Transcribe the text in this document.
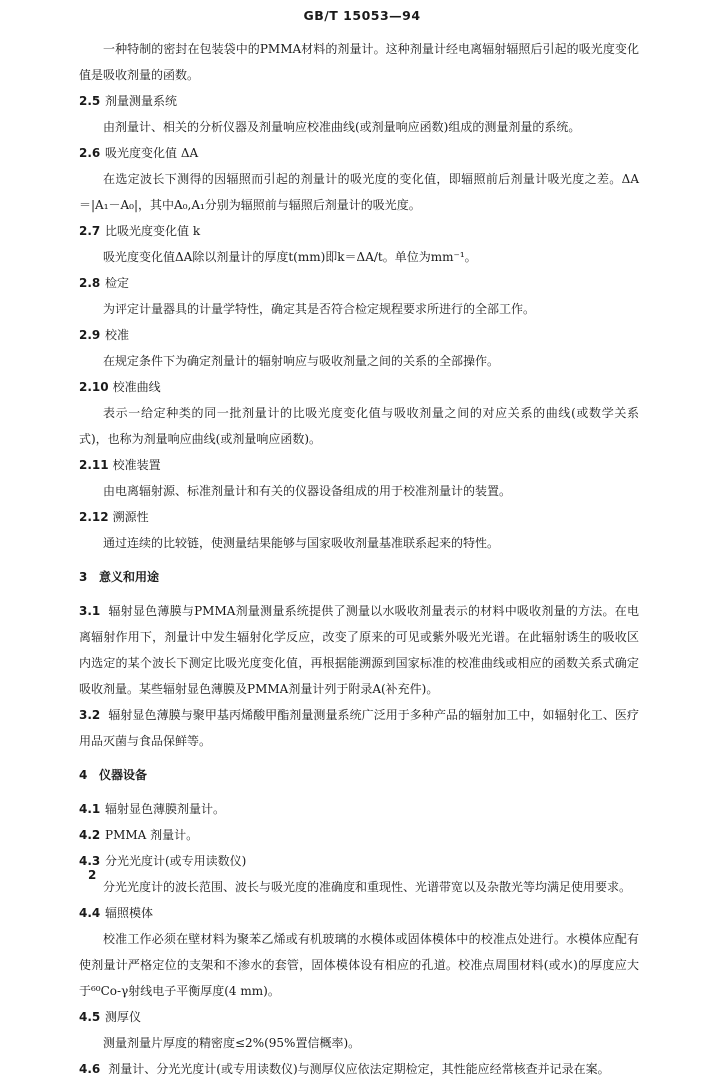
GB/T 15053—94

一种特制的密封在包装袋中的PMMA材料的剂量计。这种剂量计经电离辐射辐照后引起的吸光度变化值是吸收剂量的函数。

2.5 剂量测量系统

由剂量计、相关的分析仪器及剂量响应校准曲线(或剂量响应函数)组成的测量剂量的系统。

2.6 吸光度变化值 ΔA

在选定波长下测得的因辐照而引起的剂量计的吸光度的变化值，即辐照前后剂量计吸光度之差。ΔA＝|A₁－A₀|，其中A₀,A₁分别为辐照前与辐照后剂量计的吸光度。

2.7 比吸光度变化值 k

吸光度变化值ΔA除以剂量计的厚度t(mm)即k＝ΔA/t。单位为mm⁻¹。

2.8 检定

为评定计量器具的计量学特性，确定其是否符合检定规程要求所进行的全部工作。

2.9 校准

在规定条件下为确定剂量计的辐射响应与吸收剂量之间的关系的全部操作。

2.10 校准曲线

表示一给定种类的同一批剂量计的比吸光度变化值与吸收剂量之间的对应关系的曲线(或数学关系式)，也称为剂量响应曲线(或剂量响应函数)。

2.11 校准装置

由电离辐射源、标准剂量计和有关的仪器设备组成的用于校准剂量计的装置。

2.12 溯源性

通过连续的比较链，使测量结果能够与国家吸收剂量基准联系起来的特性。

3 意义和用途

3.1 辐射显色薄膜与PMMA剂量测量系统提供了测量以水吸收剂量表示的材料中吸收剂量的方法。在电离辐射作用下，剂量计中发生辐射化学反应，改变了原来的可见或紫外吸光光谱。在此辐射诱生的吸收区内选定的某个波长下测定比吸光度变化值，再根据能溯源到国家标准的校准曲线或相应的函数关系式确定吸收剂量。某些辐射显色薄膜及PMMA剂量计列于附录A(补充件)。

3.2 辐射显色薄膜与聚甲基丙烯酸甲酯剂量测量系统广泛用于多种产品的辐射加工中，如辐射化工、医疗用品灭菌与食品保鲜等。

4 仪器设备

4.1 辐射显色薄膜剂量计。

4.2 PMMA 剂量计。

4.3 分光光度计(或专用读数仪)

分光光度计的波长范围、波长与吸光度的准确度和重现性、光谱带宽以及杂散光等均满足使用要求。

4.4 辐照模体

校准工作必须在壁材料为聚苯乙烯或有机玻璃的水模体或固体模体中的校准点处进行。水模体应配有使剂量计严格定位的支架和不渗水的套管，固体模体设有相应的孔道。校准点周围材料(或水)的厚度应大于⁶⁰Co-γ射线电子平衡厚度(4 mm)。

4.5 测厚仪

测量剂量片厚度的精密度≤2%(95%置信概率)。

4.6 剂量计、分光光度计(或专用读数仪)与测厚仪应依法定期检定，其性能应经常核查并记录在案。

2
